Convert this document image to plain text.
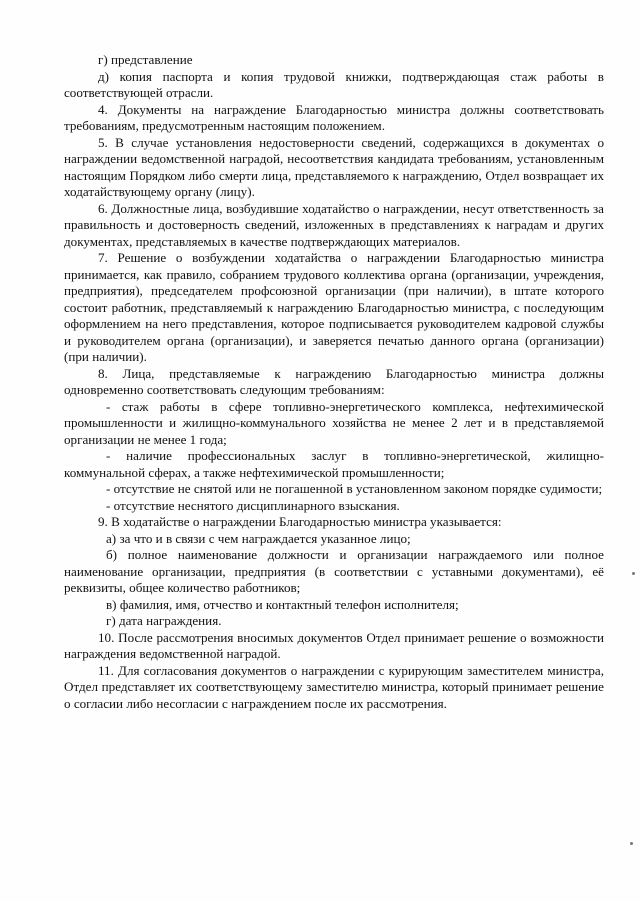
г) представление

д) копия паспорта и копия трудовой книжки, подтверждающая стаж работы в соответствующей отрасли.

4. Документы на награждение Благодарностью министра должны соответствовать требованиям, предусмотренным настоящим положением.

5. В случае установления недостоверности сведений, содержащихся в документах о награждении ведомственной наградой, несоответствия кандидата требованиям, установленным настоящим Порядком либо смерти лица, представляемого к награждению, Отдел возвращает их ходатайствующему органу (лицу).

6. Должностные лица, возбудившие ходатайство о награждении, несут ответственность за правильность и достоверность сведений, изложенных в представлениях к наградам и других документах, представляемых в качестве подтверждающих материалов.

7. Решение о возбуждении ходатайства о награждении Благодарностью министра принимается, как правило, собранием трудового коллектива органа (организации, учреждения, предприятия), председателем профсоюзной организации (при наличии), в штате которого состоит работник, представляемый к награждению Благодарностью министра, с последующим оформлением на него представления, которое подписывается руководителем кадровой службы и руководителем органа (организации), и заверяется печатью данного органа (организации) (при наличии).

8. Лица, представляемые к награждению Благодарностью министра должны одновременно соответствовать следующим требованиям:

- стаж работы в сфере топливно-энергетического комплекса, нефтехимической промышленности и жилищно-коммунального хозяйства не менее 2 лет и в представляемой организации не менее 1 года;

- наличие профессиональных заслуг в топливно-энергетической, жилищно-коммунальной сферах, а также нефтехимической промышленности;

- отсутствие не снятой или не погашенной в установленном законом порядке судимости;

- отсутствие неснятого дисциплинарного взыскания.

9. В ходатайстве о награждении Благодарностью министра указывается:

а) за что и в связи с чем награждается указанное лицо;

б) полное наименование должности и организации награждаемого или полное наименование организации, предприятия (в соответствии с уставными документами), её реквизиты, общее количество работников;

в) фамилия, имя, отчество и контактный телефон исполнителя;

г) дата награждения.

10. После рассмотрения вносимых документов Отдел принимает решение о возможности награждения ведомственной наградой.

11. Для согласования документов о награждении с курирующим заместителем министра, Отдел представляет их соответствующему заместителю министра, который принимает решение о согласии либо несогласии с награждением после их рассмотрения.
